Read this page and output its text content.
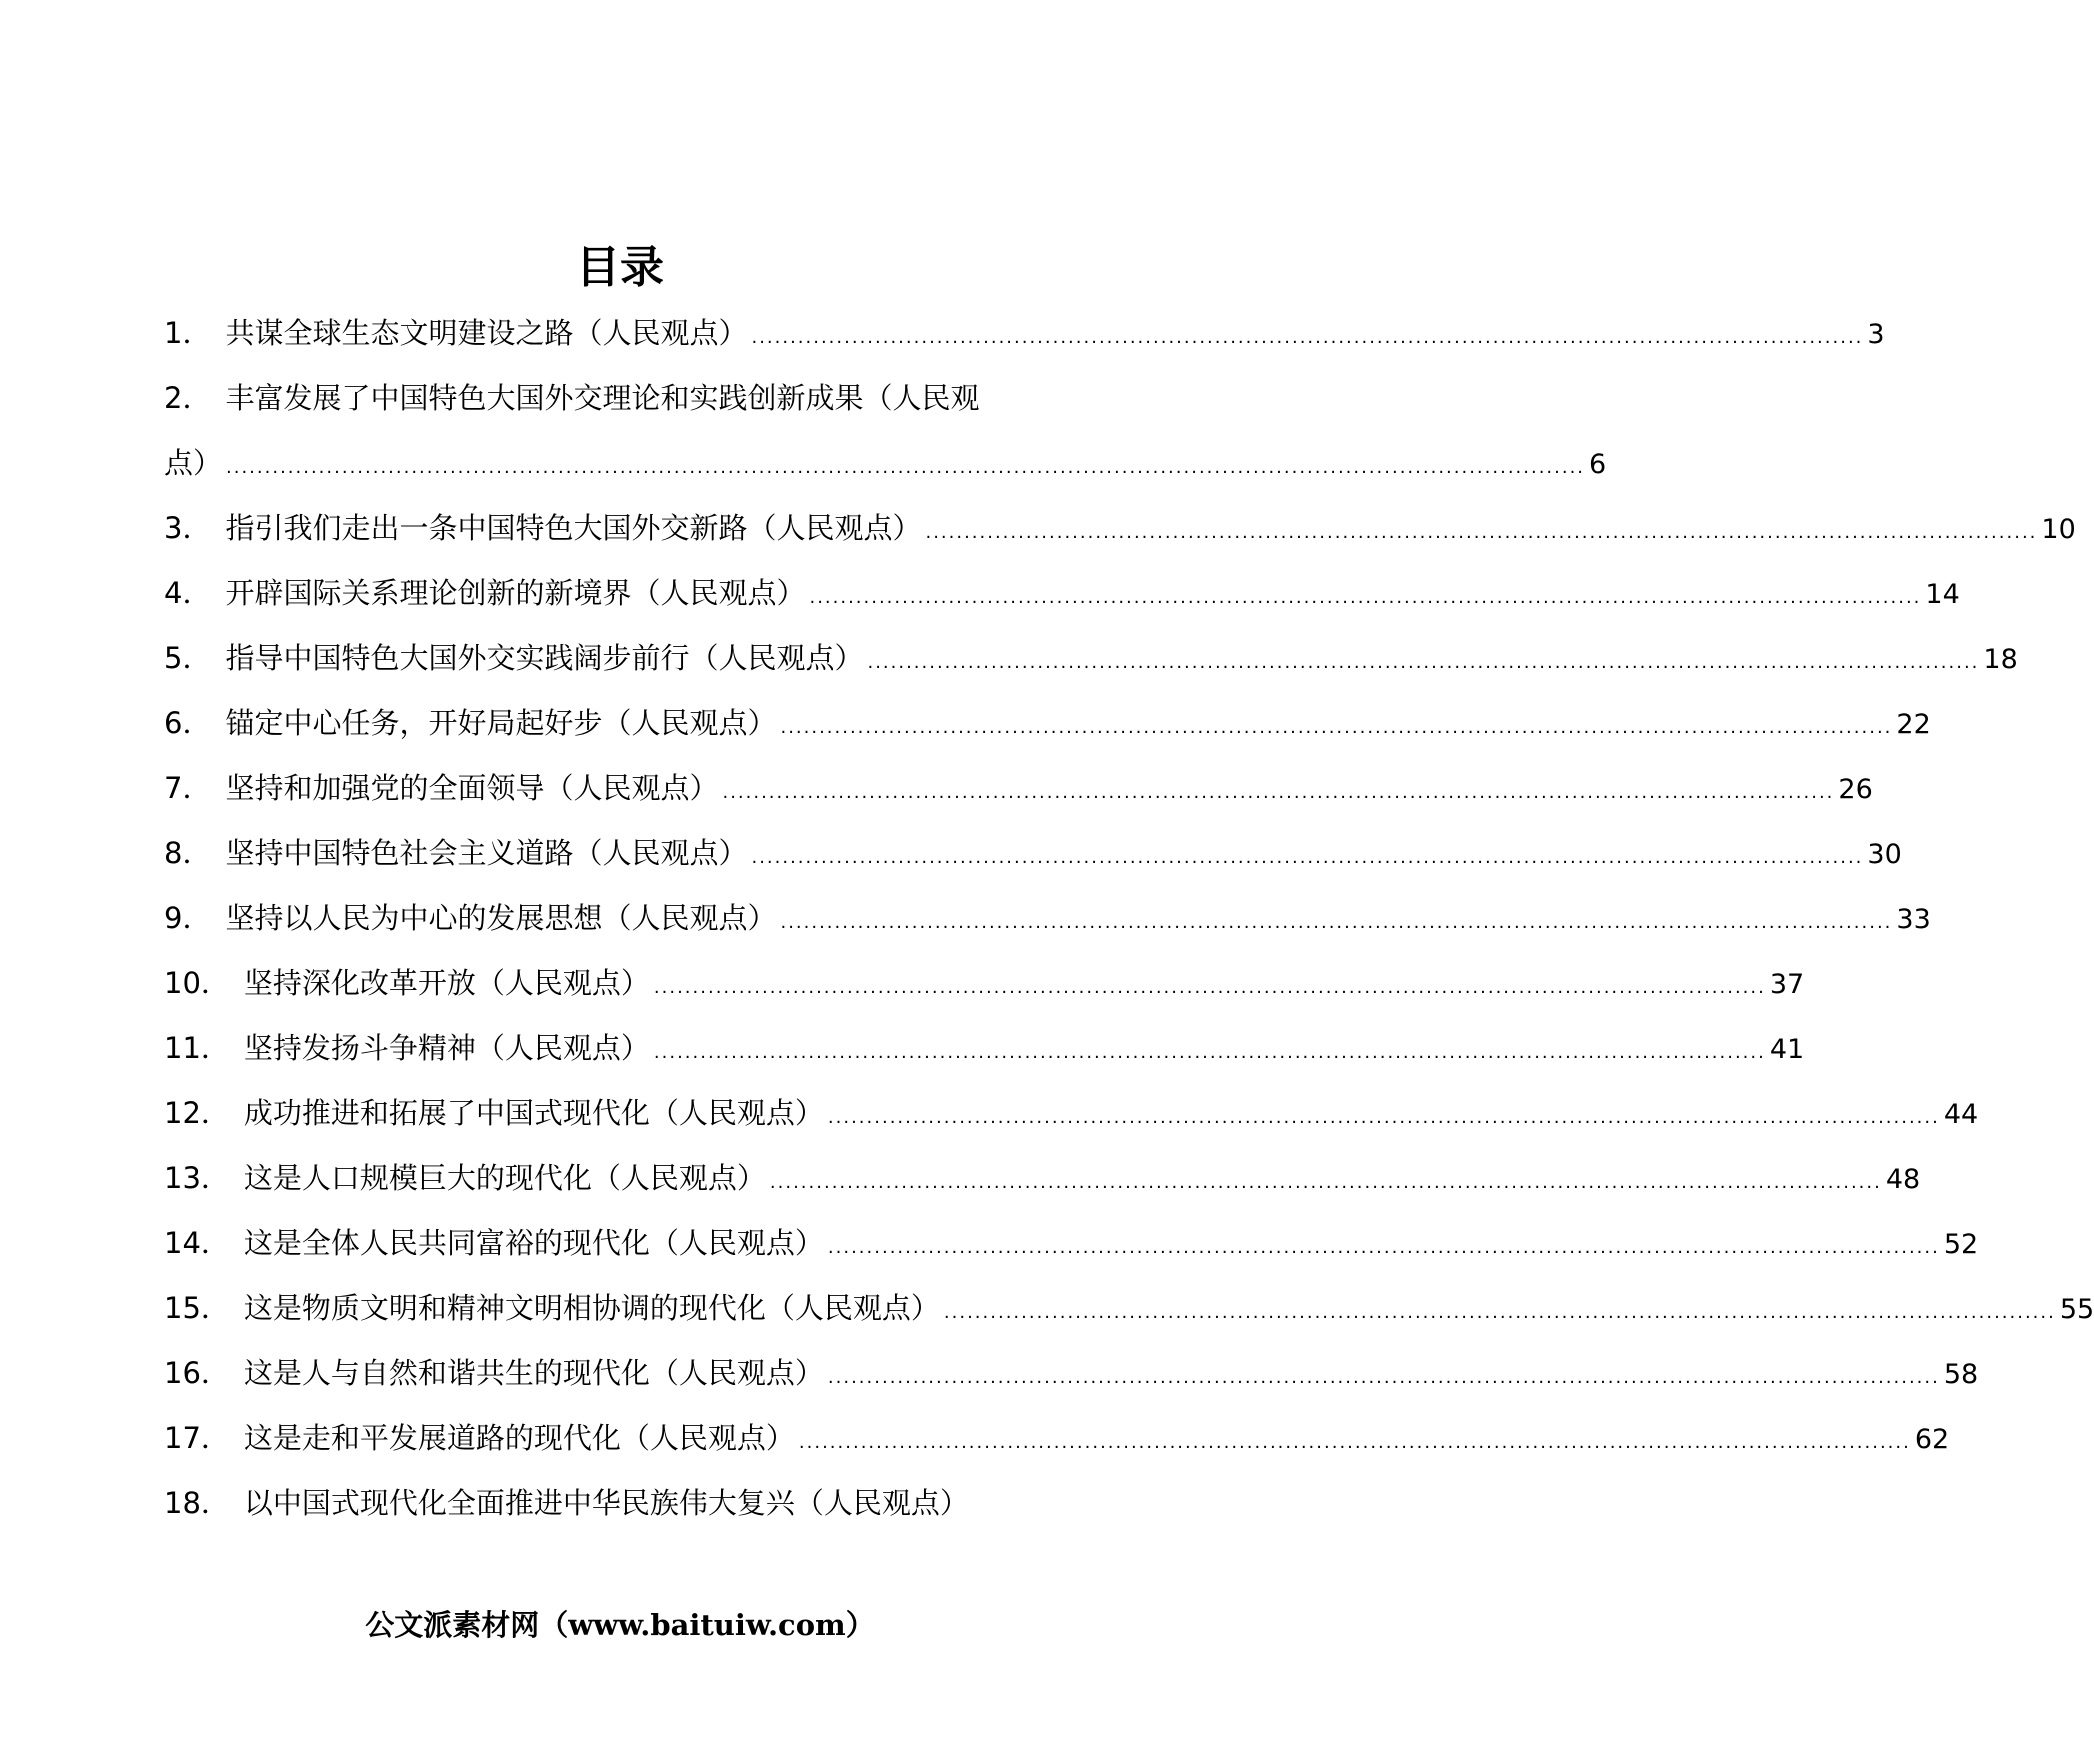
目录
1． 共谋全球生态文明建设之路（人民观点） ................................................................................................................................................ 3
2． 丰富发展了中国特色大国外交理论和实践创新成果（人民观
点） ................................................................................................................................................................................ 6
3． 指引我们走出一条中国特色大国外交新路（人民观点） ................................................................................................................................................ 10
4． 开辟国际关系理论创新的新境界（人民观点） ................................................................................................................................................ 14
5． 指导中国特色大国外交实践阔步前行（人民观点） ................................................................................................................................................ 18
6． 锚定中心任务，开好局起好步（人民观点） ................................................................................................................................................ 22
7． 坚持和加强党的全面领导（人民观点） ................................................................................................................................................ 26
8． 坚持中国特色社会主义道路（人民观点） ................................................................................................................................................ 30
9． 坚持以人民为中心的发展思想（人民观点） ................................................................................................................................................ 33
10． 坚持深化改革开放（人民观点） ................................................................................................................................................ 37
11． 坚持发扬斗争精神（人民观点） ................................................................................................................................................ 41
12． 成功推进和拓展了中国式现代化（人民观点） ................................................................................................................................................ 44
13． 这是人口规模巨大的现代化（人民观点） ................................................................................................................................................ 48
14． 这是全体人民共同富裕的现代化（人民观点） ................................................................................................................................................ 52
15． 这是物质文明和精神文明相协调的现代化（人民观点） ................................................................................................................................................ 55
16． 这是人与自然和谐共生的现代化（人民观点） ................................................................................................................................................ 58
17． 这是走和平发展道路的现代化（人民观点） ................................................................................................................................................ 62
18． 以中国式现代化全面推进中华民族伟大复兴（人民观点）
公文派素材网（www.baituiw.com）
